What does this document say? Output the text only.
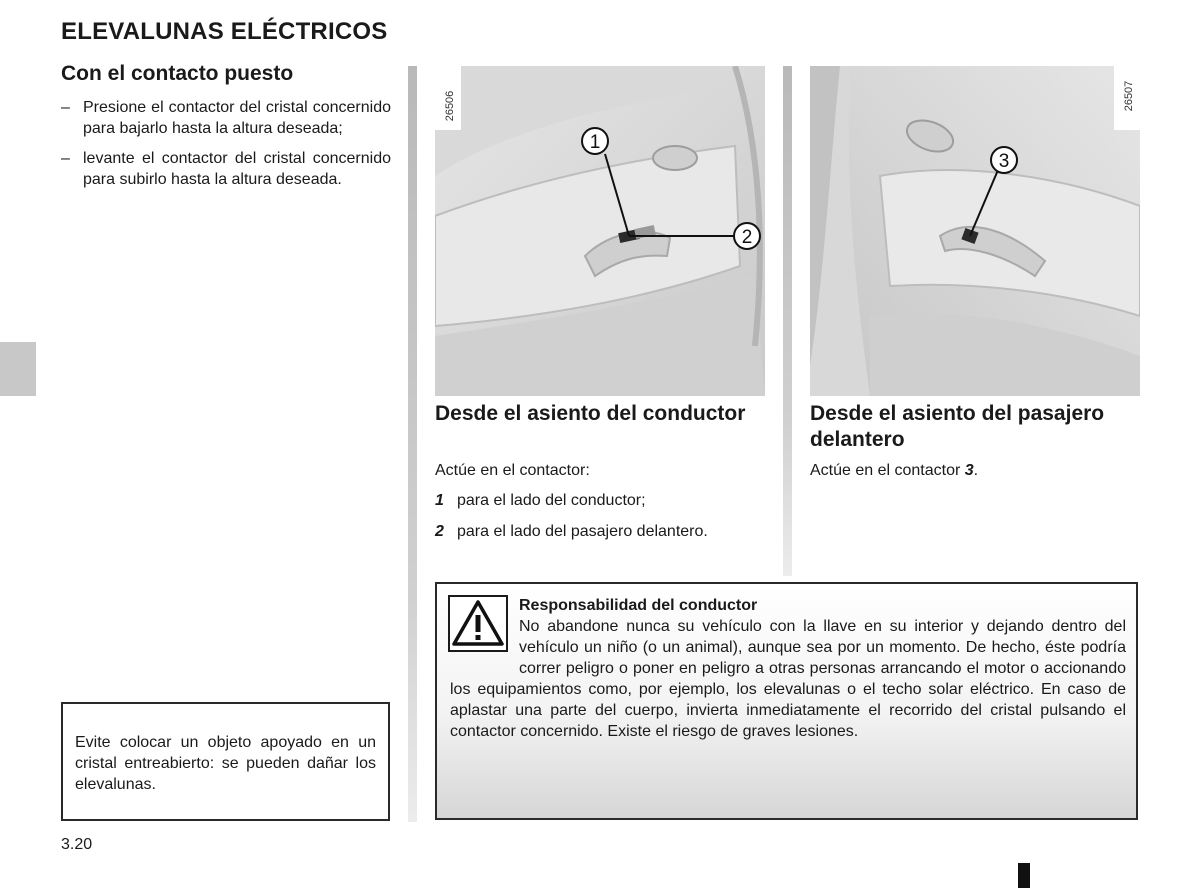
ELEVALUNAS ELÉCTRICOS
Con el contacto puesto
– Presione el contactor del cristal concernido para bajarlo hasta la altura deseada;
– levante el contactor del cristal concernido para subirlo hasta la altura deseada.
1
2
26506
3
26507
Desde el asiento del conductor
Actúe en el contactor:
1 para el lado del conductor;
2 para el lado del pasajero delantero.
Desde el asiento del pasajero delantero
Actúe en el contactor 3.
Responsabilidad del conductor
No abandone nunca su vehículo con la llave en su interior y dejando dentro del vehículo un niño (o un animal), aunque sea por un momento. De hecho, éste podría correr peligro o poner en peligro a otras personas arrancando el motor o accionando los equipamientos como, por ejemplo, los elevalunas o el techo solar eléctrico. En caso de aplastar una parte del cuerpo, invierta inmediatamente el recorrido del cristal pulsando el contactor concernido. Existe el riesgo de graves lesiones.
Evite colocar un objeto apoyado en un cristal entreabierto: se pueden dañar los elevalunas.
3.20
